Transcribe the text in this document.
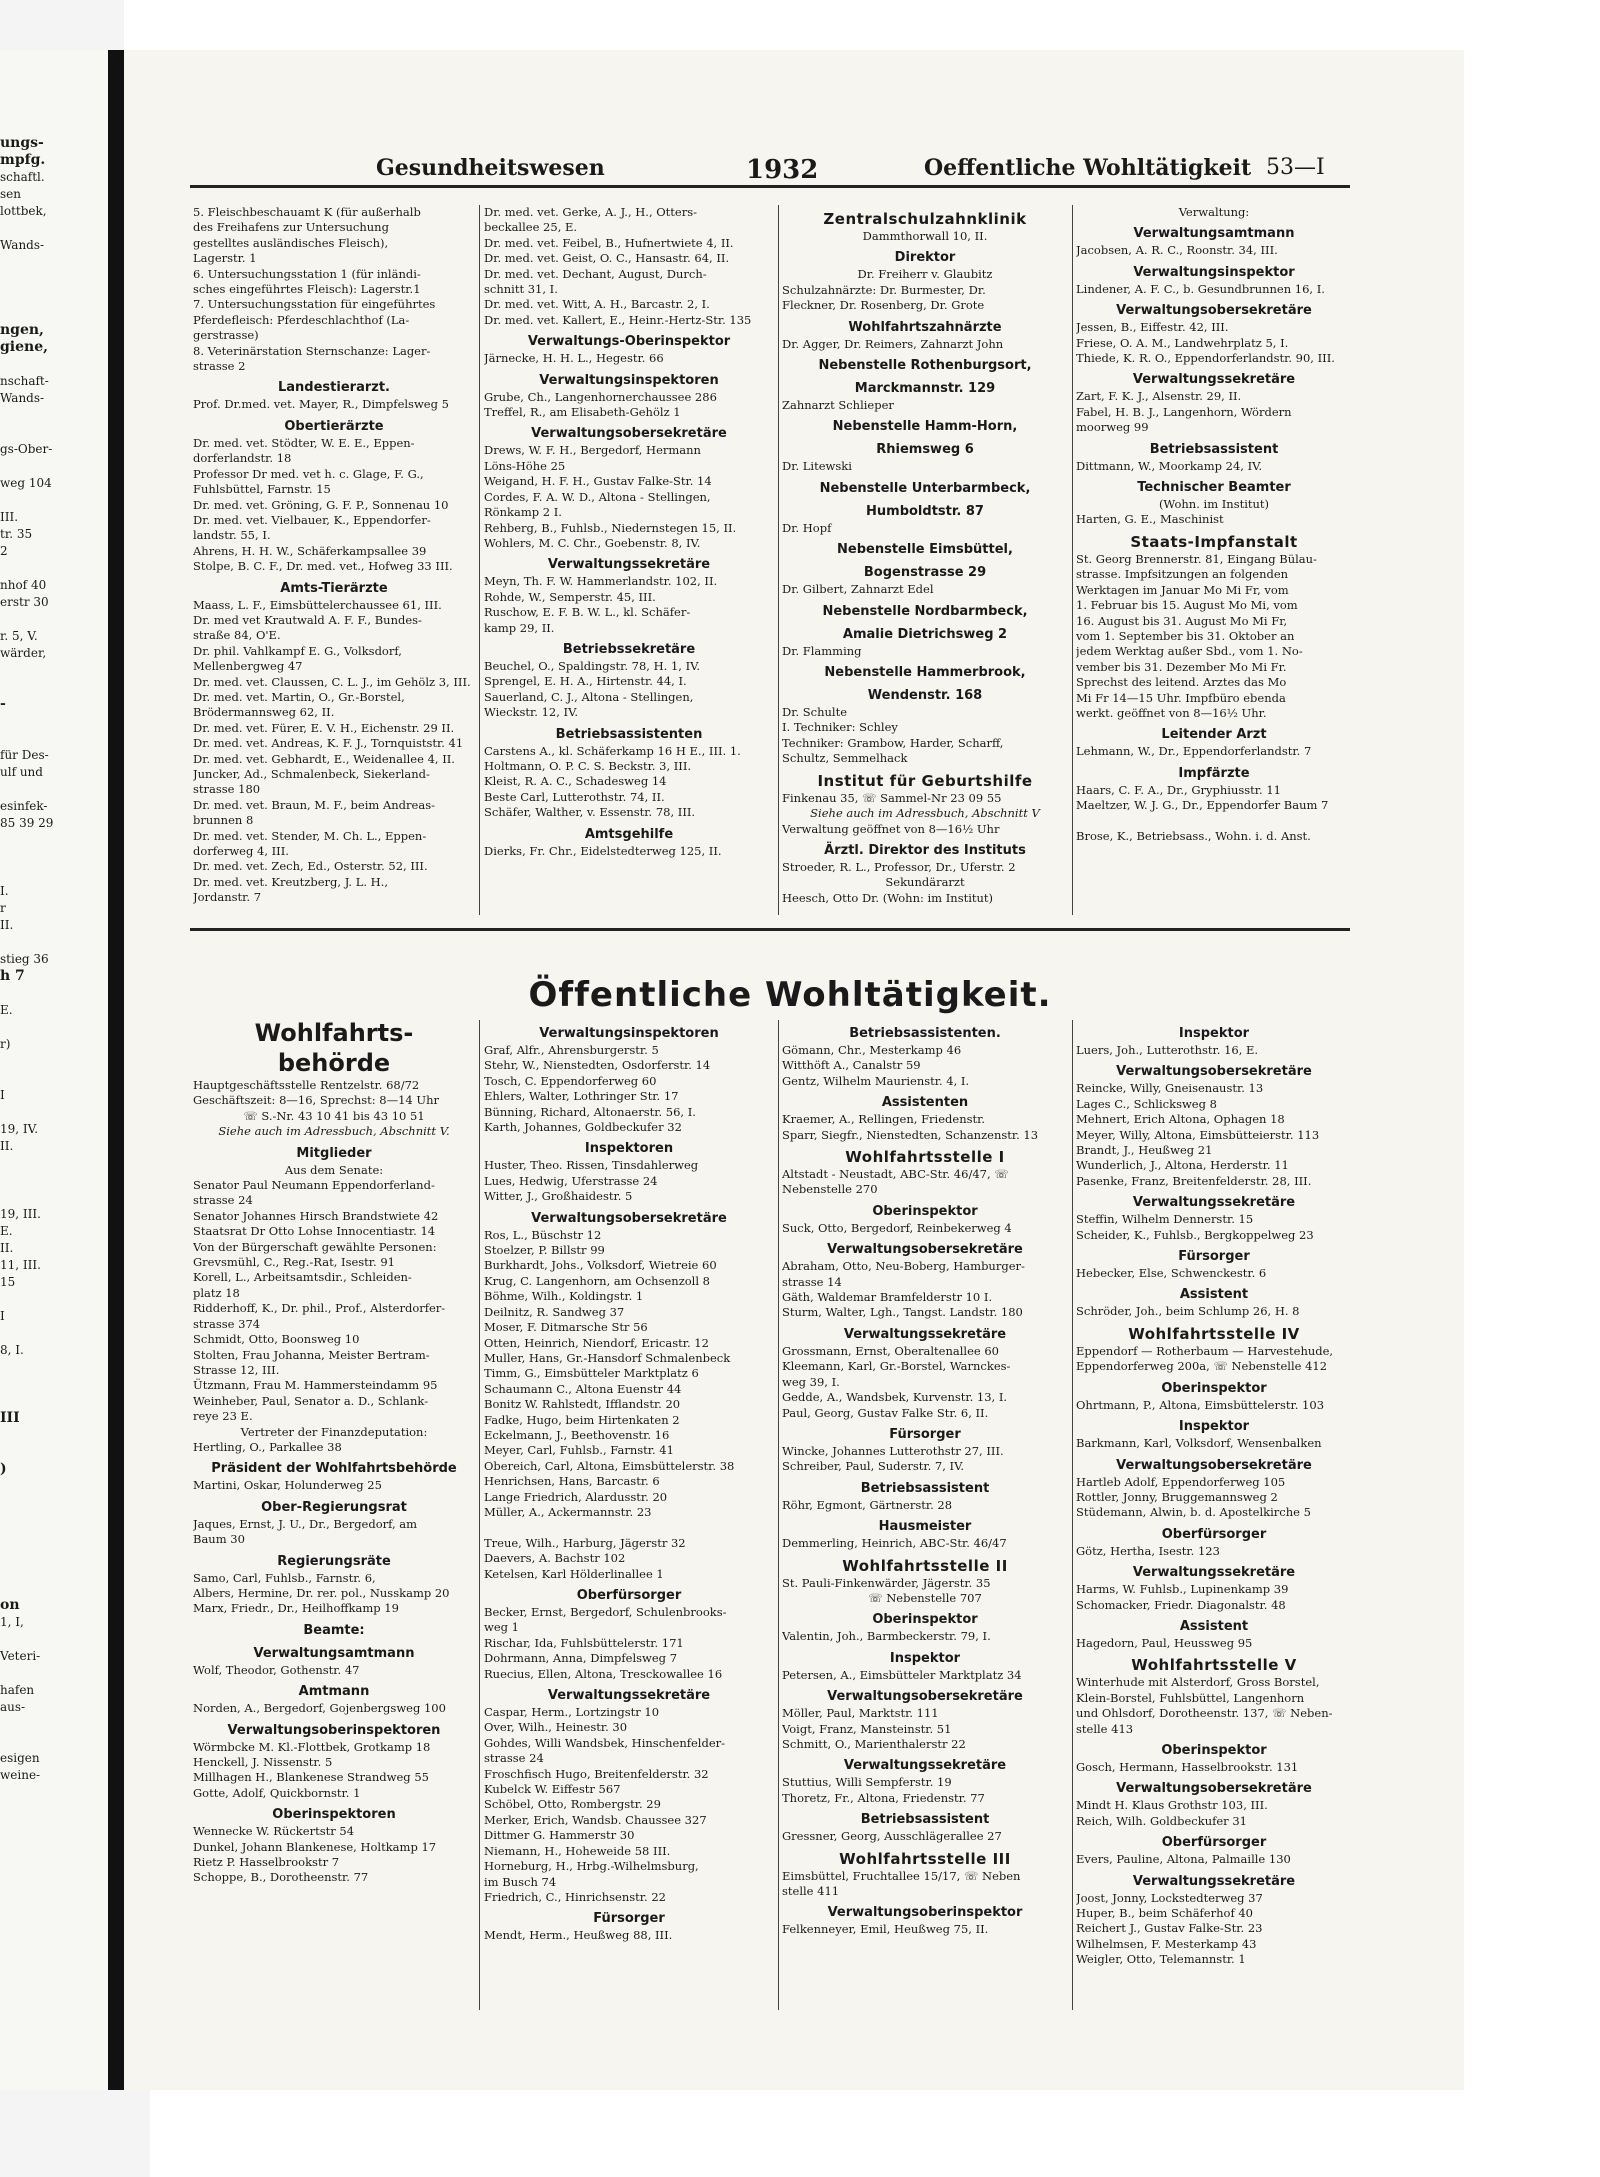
ungs-
mpfg.
schaftl.
sen
lottbek,

Wands-

ngen,
giene,

nschaft-
Wands-

gs-Ober-

weg 104

III.
tr. 35
2

nhof 40
erstr 30

r. 5, V.
wärder,

-

für Des-
ulf und

esinfek-
85 39 29

I.
r
II.

stieg 36
h 7

E.

r)

I

19, IV.
II.

19, III.
E.
II.
11, III.
15

I

8, I.

III

)

on
1, I,

Veteri-

hafen
aus-

esigen
weine-
Gesundheitswesen	1932	Oeffentliche Wohltätigkeit 53—I
5. Fleischbeschauamt K (für außerhalb
des Freihafens zur Untersuchung
gestelltes ausländisches Fleisch),
Lagerstr. 1
6. Untersuchungsstation 1 (für inländi-
sches eingeführtes Fleisch): Lagerstr.1
7. Untersuchungsstation für eingeführtes
Pferdefleisch: Pferdeschlachthof (La-
gerstrasse)
8. Veterinärstation Sternschanze: Lager-
strasse 2
Landestierarzt.
Prof. Dr.med. vet. Mayer, R., Dimpfelsweg 5
Obertierärzte
Dr. med. vet. Stödter, W. E. E., Eppen-
dorferlandstr. 18
Professor Dr med. vet h. c. Glage, F. G.,
Fuhlsbüttel, Farnstr. 15
Dr. med. vet. Gröning, G. F. P., Sonnenau 10
Dr. med. vet. Vielbauer, K., Eppendorfer-
landstr. 55, I.
Ahrens, H. H. W., Schäferkampsallee 39
Stolpe, B. C. F., Dr. med. vet., Hofweg 33 III.
Amts-Tierärzte
Maass, L. F., Eimsbüttelerchaussee 61, III.
Dr. med vet Krautwald A. F. F., Bundes-
straße 84, O'E.
Dr. phil. Vahlkampf E. G., Volksdorf,
Mellenbergweg 47
Dr. med. vet. Claussen, C. L. J., im Gehölz 3, III.
Dr. med. vet. Martin, O., Gr.-Borstel,
Brödermannsweg 62, II.
Dr. med. vet. Fürer, E. V. H., Eichenstr. 29 II.
Dr. med. vet. Andreas, K. F. J., Tornquiststr. 41
Dr. med. vet. Gebhardt, E., Weidenallee 4, II.
Juncker, Ad., Schmalenbeck, Siekerland-
strasse 180
Dr. med. vet. Braun, M. F., beim Andreas-
brunnen 8
Dr. med. vet. Stender, M. Ch. L., Eppen-
dorferweg 4, III.
Dr. med. vet. Zech, Ed., Osterstr. 52, III.
Dr. med. vet. Kreutzberg, J. L. H.,
Jordanstr. 7
Dr. med. vet. Gerke, A. J., H., Otters-
beckallee 25, E.
Dr. med. vet. Feibel, B., Hufnertwiete 4, II.
Dr. med. vet. Geist, O. C., Hansastr. 64, II.
Dr. med. vet. Dechant, August, Durch-
schnitt 31, I.
Dr. med. vet. Witt, A. H., Barcastr. 2, I.
Dr. med. vet. Kallert, E., Heinr.-Hertz-Str. 135
Verwaltungs-Oberinspektor
Järnecke, H. H. L., Hegestr. 66
Verwaltungsinspektoren
Grube, Ch., Langenhornerchaussee 286
Treffel, R., am Elisabeth-Gehölz 1
Verwaltungsobersekretäre
Drews, W. F. H., Bergedorf, Hermann
Löns-Höhe 25
Weigand, H. F. H., Gustav Falke-Str. 14
Cordes, F. A. W. D., Altona - Stellingen,
Rönkamp 2 I.
Rehberg, B., Fuhlsb., Niedernstegen 15, II.
Wohlers, M. C. Chr., Goebenstr. 8, IV.
Verwaltungssekretäre
Meyn, Th. F. W. Hammerlandstr. 102, II.
Rohde, W., Semperstr. 45, III.
Ruschow, E. F. B. W. L., kl. Schäfer-
kamp 29, II.
Betriebssekretäre
Beuchel, O., Spaldingstr. 78, H. 1, IV.
Sprengel, E. H. A., Hirtenstr. 44, I.
Sauerland, C. J., Altona - Stellingen,
Wieckstr. 12, IV.
Betriebsassistenten
Carstens A., kl. Schäferkamp 16 H E., III. 1.
Holtmann, O. P. C. S. Beckstr. 3, III.
Kleist, R. A. C., Schadesweg 14
Beste Carl, Lutterothstr. 74, II.
Schäfer, Walther, v. Essenstr. 78, III.
Amtsgehilfe
Dierks, Fr. Chr., Eidelstedterweg 125, II.
Zentralschulzahnklinik
Dammthorwall 10, II.
Direktor
Dr. Freiherr v. Glaubitz
Schulzahnärzte: Dr. Burmester, Dr.
Fleckner, Dr. Rosenberg, Dr. Grote
Wohlfahrtszahnärzte
Dr. Agger, Dr. Reimers, Zahnarzt John
Nebenstelle Rothenburgsort,
Marckmannstr. 129
Zahnarzt Schlieper
Nebenstelle Hamm-Horn,
Rhiemsweg 6
Dr. Litewski
Nebenstelle Unterbarmbeck,
Humboldtstr. 87
Dr. Hopf
Nebenstelle Eimsbüttel,
Bogenstrasse 29
Dr. Gilbert, Zahnarzt Edel
Nebenstelle Nordbarmbeck,
Amalie Dietrichsweg 2
Dr. Flamming
Nebenstelle Hammerbrook,
Wendenstr. 168
Dr. Schulte
I. Techniker: Schley
Techniker: Grambow, Harder, Scharff,
Schultz, Semmelhack
Institut für Geburtshilfe
Finkenau 35, ☏ Sammel-Nr 23 09 55
Siehe auch im Adressbuch, Abschnitt V
Verwaltung geöffnet von 8—16½ Uhr
Ärztl. Direktor des Instituts
Stroeder, R. L., Professor, Dr., Uferstr. 2
Sekundärarzt
Heesch, Otto Dr. (Wohn: im Institut)
Verwaltung:
Verwaltungsamtmann
Jacobsen, A. R. C., Roonstr. 34, III.
Verwaltungsinspektor
Lindener, A. F. C., b. Gesundbrunnen 16, I.
Verwaltungsobersekretäre
Jessen, B., Eiffestr. 42, III.
Friese, O. A. M., Landwehrplatz 5, I.
Thiede, K. R. O., Eppendorferlandstr. 90, III.
Verwaltungssekretäre
Zart, F. K. J., Alsenstr. 29, II.
Fabel, H. B. J., Langenhorn, Wördern
moorweg 99
Betriebsassistent
Dittmann, W., Moorkamp 24, IV.
Technischer Beamter
(Wohn. im Institut)
Harten, G. E., Maschinist
Staats-Impfanstalt
St. Georg Brennerstr. 81, Eingang Bülau-
strasse. Impfsitzungen an folgenden
Werktagen im Januar Mo Mi Fr, vom
1. Februar bis 15. August Mo Mi, vom
16. August bis 31. August Mo Mi Fr,
vom 1. September bis 31. Oktober an
jedem Werktag außer Sbd., vom 1. No-
vember bis 31. Dezember Mo Mi Fr.
Sprechst des leitend. Arztes das Mo
Mi Fr 14—15 Uhr. Impfbüro ebenda
werkt. geöffnet von 8—16½ Uhr.
Leitender Arzt
Lehmann, W., Dr., Eppendorferlandstr. 7
Impfärzte
Haars, C. F. A., Dr., Gryphiusstr. 11
Maeltzer, W. J. G., Dr., Eppendorfer Baum 7

Brose, K., Betriebsass., Wohn. i. d. Anst.
Öffentliche Wohltätigkeit.
Wohlfahrts-
behörde
Hauptgeschäftsstelle Rentzelstr. 68/72
Geschäftszeit: 8—16, Sprechst: 8—14 Uhr
☏ S.-Nr. 43 10 41 bis 43 10 51
Siehe auch im Adressbuch, Abschnitt V.
Mitglieder
Aus dem Senate:
Senator Paul Neumann Eppendorferland-
strasse 24
Senator Johannes Hirsch Brandstwiete 42
Staatsrat Dr Otto Lohse Innocentiastr. 14
Von der Bürgerschaft gewählte Personen:
Grevsmühl, C., Reg.-Rat, Isestr. 91
Korell, L., Arbeitsamtsdir., Schleiden-
platz 18
Ridderhoff, K., Dr. phil., Prof., Alsterdorfer-
strasse 374
Schmidt, Otto, Boonsweg 10
Stolten, Frau Johanna, Meister Bertram-
Strasse 12, III.
Ützmann, Frau M. Hammersteindamm 95
Weinheber, Paul, Senator a. D., Schlank-
reye 23 E.
Vertreter der Finanzdeputation:
Hertling, O., Parkallee 38
Präsident der Wohlfahrtsbehörde
Martini, Oskar, Holunderweg 25
Ober-Regierungsrat
Jaques, Ernst, J. U., Dr., Bergedorf, am
Baum 30
Regierungsräte
Samo, Carl, Fuhlsb., Farnstr. 6,
Albers, Hermine, Dr. rer. pol., Nusskamp 20
Marx, Friedr., Dr., Heilhoffkamp 19
Beamte:
Verwaltungsamtmann
Wolf, Theodor, Gothenstr. 47
Amtmann
Norden, A., Bergedorf, Gojenbergsweg 100
Verwaltungsoberinspektoren
Wörmbcke M. Kl.-Flottbek, Grotkamp 18
Henckell, J. Nissenstr. 5
Millhagen H., Blankenese Strandweg 55
Gotte, Adolf, Quickbornstr. 1
Oberinspektoren
Wennecke W. Rückertstr 54
Dunkel, Johann Blankenese, Holtkamp 17
Rietz P. Hasselbrookstr 7
Schoppe, B., Dorotheenstr. 77
Verwaltungsinspektoren
Graf, Alfr., Ahrensburgerstr. 5
Stehr, W., Nienstedten, Osdorferstr. 14
Tosch, C. Eppendorferweg 60
Ehlers, Walter, Lothringer Str. 17
Bünning, Richard, Altonaerstr. 56, I.
Karth, Johannes, Goldbeckufer 32
Inspektoren
Huster, Theo. Rissen, Tinsdahlerweg
Lues, Hedwig, Uferstrasse 24
Witter, J., Großhaidestr. 5
Verwaltungsobersekretäre
Ros, L., Büschstr 12
Stoelzer, P. Billstr 99
Burkhardt, Johs., Volksdorf, Wietreie 60
Krug, C. Langenhorn, am Ochsenzoll 8
Böhme, Wilh., Koldingstr. 1
Deilnitz, R. Sandweg 37
Moser, F. Ditmarsche Str 56
Otten, Heinrich, Niendorf, Ericastr. 12
Muller, Hans, Gr.-Hansdorf Schmalenbeck
Timm, G., Eimsbütteler Marktplatz 6
Schaumann C., Altona Euenstr 44
Bonitz W. Rahlstedt, Ifflandstr. 20
Fadke, Hugo, beim Hirtenkaten 2
Eckelmann, J., Beethovenstr. 16
Meyer, Carl, Fuhlsb., Farnstr. 41
Obereich, Carl, Altona, Eimsbüttelerstr. 38
Henrichsen, Hans, Barcastr. 6
Lange Friedrich, Alardusstr. 20
Müller, A., Ackermannstr. 23

Treue, Wilh., Harburg, Jägerstr 32
Daevers, A. Bachstr 102
Ketelsen, Karl Hölderlinallee 1
Oberfürsorger
Becker, Ernst, Bergedorf, Schulenbrooks-
weg 1
Rischar, Ida, Fuhlsbüttelerstr. 171
Dohrmann, Anna, Dimpfelsweg 7
Ruecius, Ellen, Altona, Tresckowallee 16
Verwaltungssekretäre
Caspar, Herm., Lortzingstr 10
Over, Wilh., Heinestr. 30
Gohdes, Willi Wandsbek, Hinschenfelder-
strasse 24
Froschfisch Hugo, Breitenfelderstr. 32
Kubelck W. Eiffestr 567
Schöbel, Otto, Rombergstr. 29
Merker, Erich, Wandsb. Chaussee 327
Dittmer G. Hammerstr 30
Niemann, H., Hoheweide 58 III.
Horneburg, H., Hrbg.-Wilhelmsburg,
im Busch 74
Friedrich, C., Hinrichsenstr. 22
Fürsorger
Mendt, Herm., Heußweg 88, III.
Betriebsassistenten.
Gömann, Chr., Mesterkamp 46
Witthöft A., Canalstr 59
Gentz, Wilhelm Maurienstr. 4, I.
Assistenten
Kraemer, A., Rellingen, Friedenstr.
Sparr, Siegfr., Nienstedten, Schanzenstr. 13
Wohlfahrtsstelle I
Altstadt - Neustadt, ABC-Str. 46/47, ☏
Nebenstelle 270
Oberinspektor
Suck, Otto, Bergedorf, Reinbekerweg 4
Verwaltungsobersekretäre
Abraham, Otto, Neu-Boberg, Hamburger-
strasse 14
Gäth, Waldemar Bramfelderstr 10 I.
Sturm, Walter, Lgh., Tangst. Landstr. 180
Verwaltungssekretäre
Grossmann, Ernst, Oberaltenallee 60
Kleemann, Karl, Gr.-Borstel, Warnckes-
weg 39, I.
Gedde, A., Wandsbek, Kurvenstr. 13, I.
Paul, Georg, Gustav Falke Str. 6, II.
Fürsorger
Wincke, Johannes Lutterothstr 27, III.
Schreiber, Paul, Suderstr. 7, IV.
Betriebsassistent
Röhr, Egmont, Gärtnerstr. 28
Hausmeister
Demmerling, Heinrich, ABC-Str. 46/47
Wohlfahrtsstelle II
St. Pauli-Finkenwärder, Jägerstr. 35
☏ Nebenstelle 707
Oberinspektor
Valentin, Joh., Barmbeckerstr. 79, I.
Inspektor
Petersen, A., Eimsbütteler Marktplatz 34
Verwaltungsobersekretäre
Möller, Paul, Marktstr. 111
Voigt, Franz, Mansteinstr. 51
Schmitt, O., Marienthalerstr 22
Verwaltungssekretäre
Stuttius, Willi Sempferstr. 19
Thoretz, Fr., Altona, Friedenstr. 77
Betriebsassistent
Gressner, Georg, Ausschlägerallee 27
Wohlfahrtsstelle III
Eimsbüttel, Fruchtallee 15/17, ☏ Neben
stelle 411
Verwaltungsoberinspektor
Felkenneyer, Emil, Heußweg 75, II.
Inspektor
Luers, Joh., Lutterothstr. 16, E.
Verwaltungsobersekretäre
Reincke, Willy, Gneisenaustr. 13
Lages C., Schlicksweg 8
Mehnert, Erich Altona, Ophagen 18
Meyer, Willy, Altona, Eimsbütteierstr. 113
Brandt, J., Heußweg 21
Wunderlich, J., Altona, Herderstr. 11
Pasenke, Franz, Breitenfelderstr. 28, III.
Verwaltungssekretäre
Steffin, Wilhelm Dennerstr. 15
Scheider, K., Fuhlsb., Bergkoppelweg 23
Fürsorger
Hebecker, Else, Schwenckestr. 6
Assistent
Schröder, Joh., beim Schlump 26, H. 8
Wohlfahrtsstelle IV
Eppendorf — Rotherbaum — Harvestehude,
Eppendorferweg 200a, ☏ Nebenstelle 412
Oberinspektor
Ohrtmann, P., Altona, Eimsbüttelerstr. 103
Inspektor
Barkmann, Karl, Volksdorf, Wensenbalken
Verwaltungsobersekretäre
Hartleb Adolf, Eppendorferweg 105
Rottler, Jonny, Bruggemannsweg 2
Stüdemann, Alwin, b. d. Apostelkirche 5
Oberfürsorger
Götz, Hertha, Isestr. 123
Verwaltungssekretäre
Harms, W. Fuhlsb., Lupinenkamp 39
Schomacker, Friedr. Diagonalstr. 48
Assistent
Hagedorn, Paul, Heussweg 95
Wohlfahrtsstelle V
Winterhude mit Alsterdorf, Gross Borstel,
Klein-Borstel, Fuhlsbüttel, Langenhorn
und Ohlsdorf, Dorotheenstr. 137, ☏ Neben-
stelle 413
Oberinspektor
Gosch, Hermann, Hasselbrookstr. 131
Verwaltungsobersekretäre
Mindt H. Klaus Grothstr 103, III.
Reich, Wilh. Goldbeckufer 31
Oberfürsorger
Evers, Pauline, Altona, Palmaille 130
Verwaltungssekretäre
Joost, Jonny, Lockstedterweg 37
Huper, B., beim Schäferhof 40
Reichert J., Gustav Falke-Str. 23
Wilhelmsen, F. Mesterkamp 43
Weigler, Otto, Telemannstr. 1
